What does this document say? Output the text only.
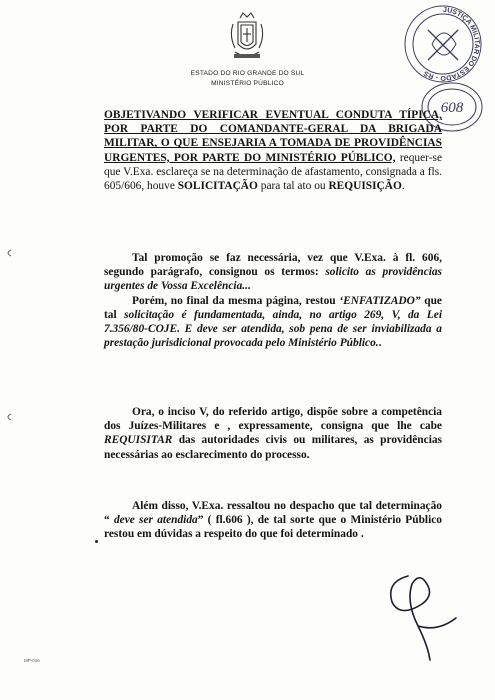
ESTADO DO RIO GRANDE DO SUL
MINISTÉRIO PÚBLICO
JUSTIÇA MILITAR DO ESTADO - RS
608

OBJETIVANDO VERIFICAR EVENTUAL CONDUTA TÍPICA, POR PARTE DO COMANDANTE-GERAL DA BRIGADA MILITAR, O QUE ENSEJARIA A TOMADA DE PROVIDÊNCIAS URGENTES, POR PARTE DO MINISTÉRIO PÚBLICO, requer-se que V.Exa. esclareça se na determinação de afastamento, consignada a fls. 605/606, houve SOLICITAÇÃO para tal ato ou REQUISIÇÃO.

Tal promoção se faz necessária, vez que V.Exa. à fl. 606, segundo parágrafo, consignou os termos: solicito as providências urgentes de Vossa Excelência...
Porém, no final da mesma página, restou ‘ENFATIZADO” que tal solicitação é fundamentada, ainda, no artigo 269, V, da Lei 7.356/80-COJE. E deve ser atendida, sob pena de ser inviabilizada a prestação jurisdicional provocada pelo Ministério Público..

Ora, o inciso V, do referido artigo, dispõe sobre a competência dos Juízes-Militares e , expressamente, consigna que lhe cabe REQUISITAR das autoridades civis ou militares, as providências necessárias ao esclarecimento do processo.

Além disso, V.Exa. ressaltou no despacho que tal determinação “ deve ser atendida” ( fl.606 ), de tal sorte que o Ministério Público restou em dúvidas a respeito do que foi determinado .

MP-016
